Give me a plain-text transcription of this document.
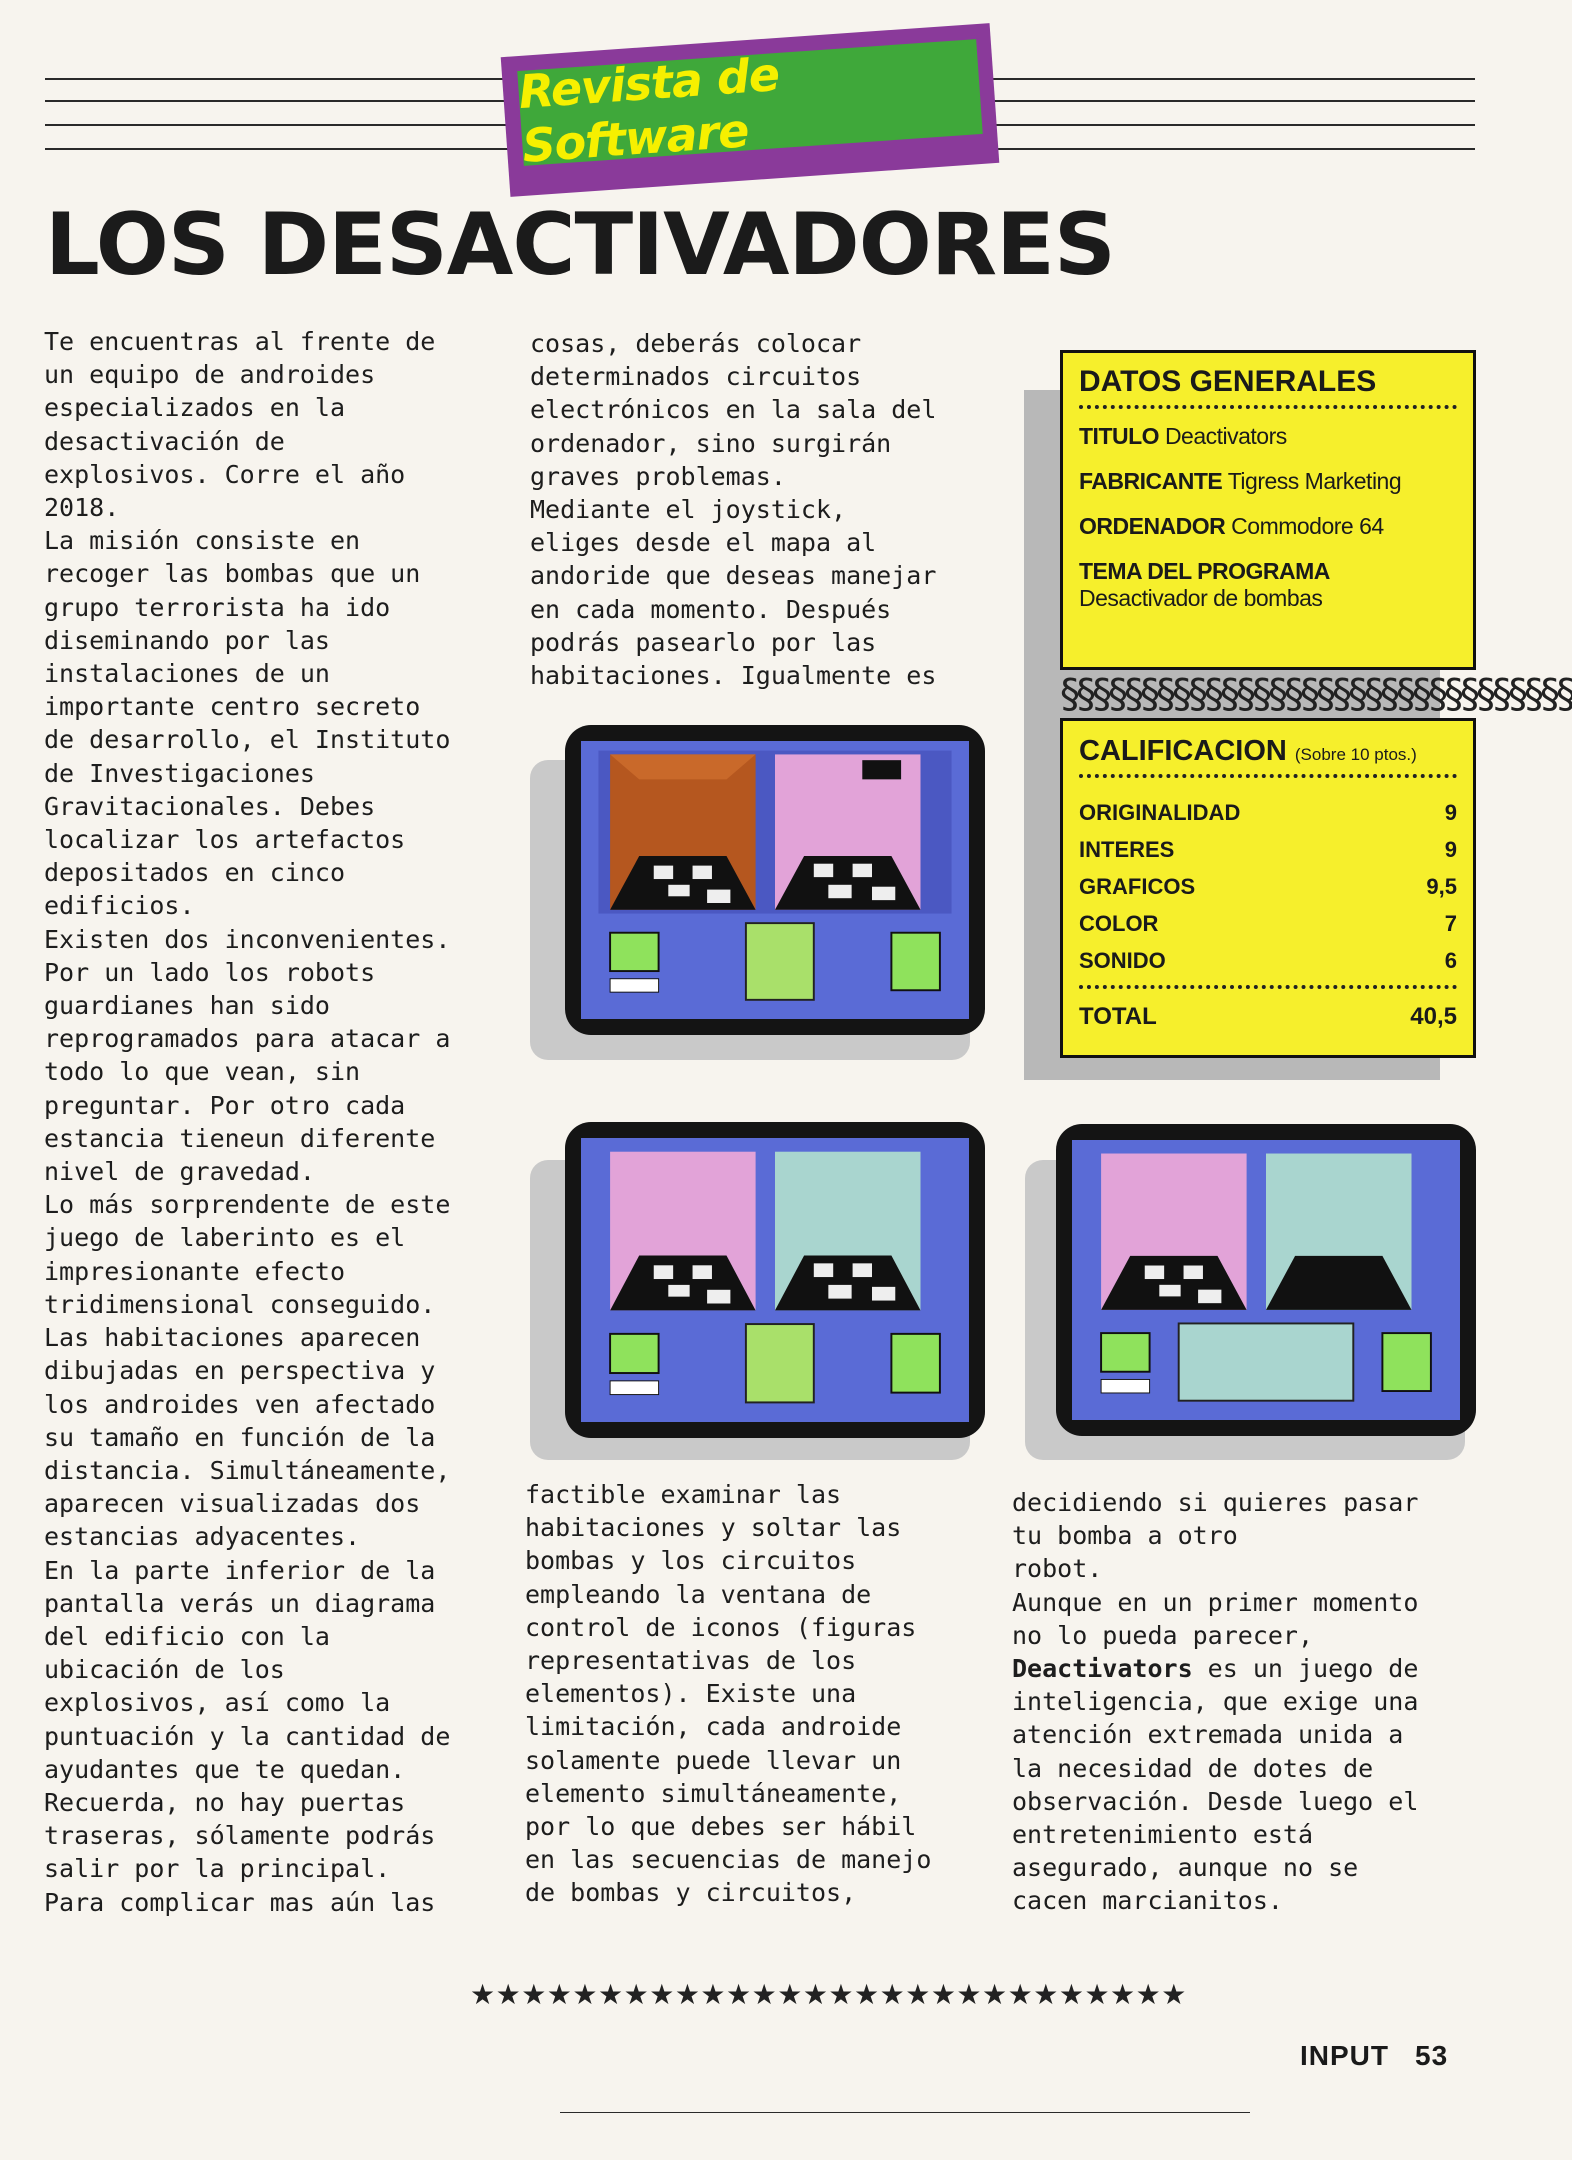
Revista de Software
LOS DESACTIVADORES
Te encuentras al frente de
un equipo de androides
especializados en la
desactivación de
explosivos. Corre el año
2018.
La misión consiste en
recoger las bombas que un
grupo terrorista ha ido
diseminando por las
instalaciones de un
importante centro secreto
de desarrollo, el Instituto
de Investigaciones
Gravitacionales. Debes
localizar los artefactos
depositados en cinco
edificios.
Existen dos inconvenientes.
Por un lado los robots
guardianes han sido
reprogramados para atacar a
todo lo que vean, sin
preguntar. Por otro cada
estancia tieneun diferente
nivel de gravedad.
Lo más sorprendente de este
juego de laberinto es el
impresionante efecto
tridimensional conseguido.
Las habitaciones aparecen
dibujadas en perspectiva y
los androides ven afectado
su tamaño en función de la
distancia. Simultáneamente,
aparecen visualizadas dos
estancias adyacentes.
En la parte inferior de la
pantalla verás un diagrama
del edificio con la
ubicación de los
explosivos, así como la
puntuación y la cantidad de
ayudantes que te quedan.
Recuerda, no hay puertas
traseras, sólamente podrás
salir por la principal.
Para complicar mas aún las
cosas, deberás colocar
determinados circuitos
electrónicos en la sala del
ordenador, sino surgirán
graves problemas.
Mediante el joystick,
eliges desde el mapa al
andoride que deseas manejar
en cada momento. Después
podrás pasearlo por las
habitaciones. Igualmente es
factible examinar las
habitaciones y soltar las
bombas y los circuitos
empleando la ventana de
control de iconos (figuras
representativas de los
elementos). Existe una
limitación, cada androide
solamente puede llevar un
elemento simultáneamente,
por lo que debes ser hábil
en las secuencias de manejo
de bombas y circuitos,
decidiendo si quieres pasar
tu bomba a otro
robot.
Aunque en un primer momento
no lo pueda parecer, Deactivators es un juego de
inteligencia, que exige una
atención extremada unida a
la necesidad de dotes de
observación. Desde luego el
entretenimiento está
asegurado, aunque no se
cacen marcianitos.
DATOS GENERALES
TITULO Deactivators
FABRICANTE Tigress Marketing
ORDENADOR Commodore 64
TEMA DEL PROGRAMA
Desactivador de bombas
§§§§§§§§§§§§§§§§§§§§§§§§§§§§§§§§
CALIFICACION (Sobre 10 ptos.)
ORIGINALIDAD	9
INTERES	9
GRAFICOS	9,5
COLOR	7
SONIDO	6
TOTAL	40,5
★★★★★★★★★★★★★★★★★★★★★★★★★★★★
INPUT 53
